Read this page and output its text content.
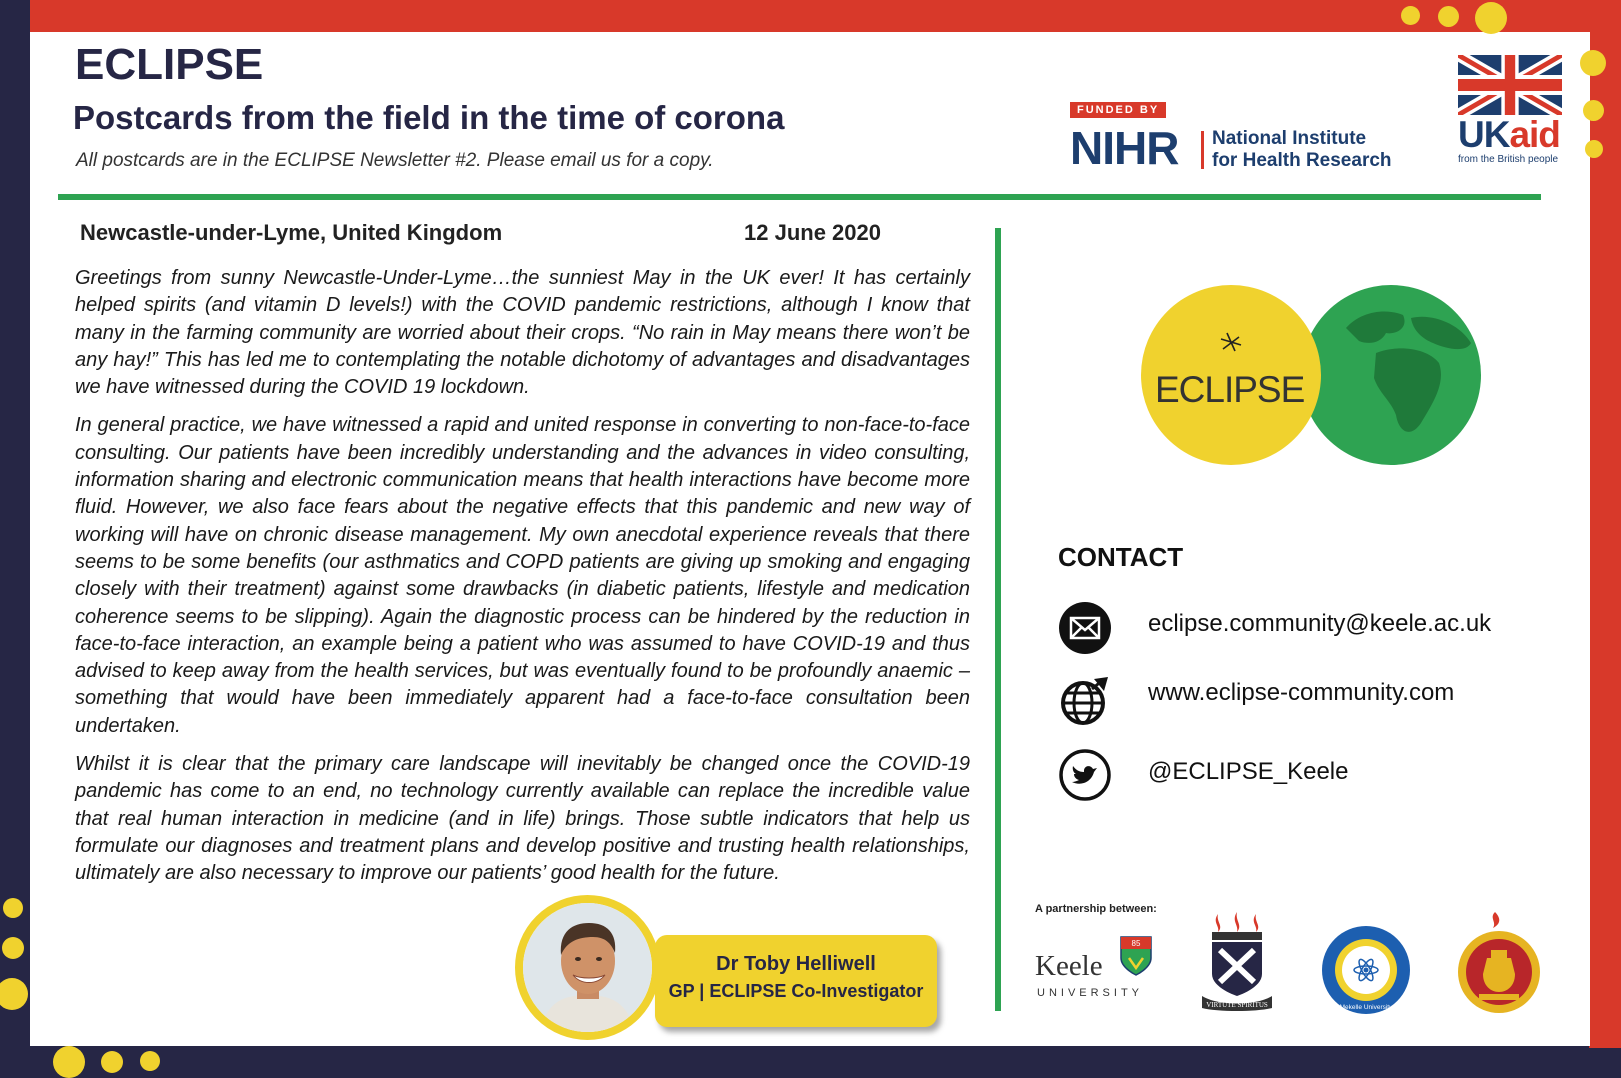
ECLIPSE
Postcards from the field in the time of corona
All postcards are in the ECLIPSE Newsletter #2. Please email us for a copy.
FUNDED BY
NIHR National Institute
for Health Research
UKaid
from the British people
Newcastle-under-Lyme, United Kingdom	12 June 2020

Greetings from sunny Newcastle-Under-Lyme…the sunniest May in the UK ever! It has certainly helped spirits (and vitamin D levels!) with the COVID pandemic restrictions, although I know that many in the farming community are worried about their crops. “No rain in May means there won’t be any hay!” This has led me to contemplating the notable dichotomy of advantages and disadvantages we have witnessed during the COVID 19 lockdown.

In general practice, we have witnessed a rapid and united response in converting to non-face-to-face consulting. Our patients have been incredibly understanding and the advances in video consulting, information sharing and electronic communication means that health interactions have become more fluid. However, we also face fears about the negative effects that this pandemic and new way of working will have on chronic disease management. My own anecdotal experience reveals that there seems to be some benefits (our asthmatics and COPD patients are giving up smoking and engaging closely with their treatment) against some drawbacks (in diabetic patients, lifestyle and medication coherence seems to be slipping). Again the diagnostic process can be hindered by the reduction in face-to-face interaction, an example being a patient who was assumed to have COVID-19 and thus advised to keep away from the health services, but was eventually found to be profoundly anaemic – something that would have been immediately apparent had a face-to-face consultation been undertaken.

Whilst it is clear that the primary care landscape will inevitably be changed once the COVID-19 pandemic has come to an end, no technology currently available can replace the incredible value that real human interaction in medicine (and in life) brings. Those subtle indicators that help us formulate our diagnoses and treatment plans and develop positive and trusting health relationships, ultimately are also necessary to improve our patients’ good health for the future.

ECLIPSE
CONTACT
eclipse.community@keele.ac.uk
www.eclipse-community.com
@ECLIPSE_Keele
A partnership between:
Keele
UNIVERSITY
85
VIRTUTE SPIRITUS	Mekelle University
Dr Toby Helliwell
GP | ECLIPSE Co-Investigator
